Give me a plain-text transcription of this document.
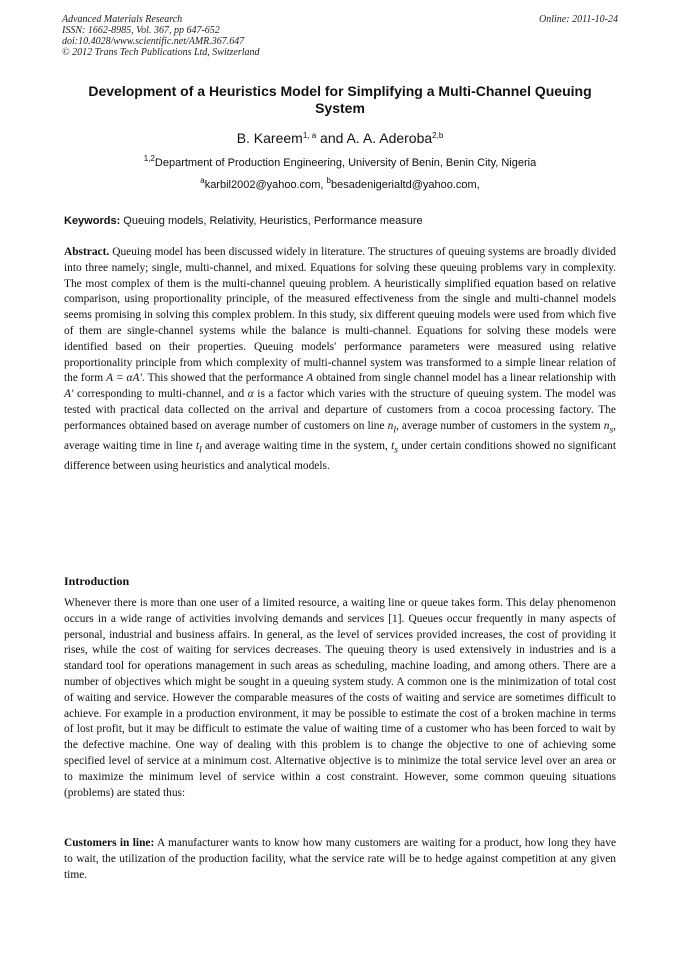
Advanced Materials Research	Online: 2011-10-24
ISSN: 1662-8985, Vol. 367, pp 647-652
doi:10.4028/www.scientific.net/AMR.367.647
© 2012 Trans Tech Publications Ltd, Switzerland
Development of a Heuristics Model for Simplifying a Multi-Channel Queuing System
B. Kareem$^{1, a}$ and A. A. Aderoba$^{2,b}$
$^{1,2}$Department of Production Engineering, University of Benin, Benin City, Nigeria
$^a$karbil2002@yahoo.com, $^b$besadenigerialtd@yahoo.com,
Keywords: Queuing models, Relativity, Heuristics, Performance measure
Abstract. Queuing model has been discussed widely in literature. The structures of queuing systems are broadly divided into three namely; single, multi-channel, and mixed. Equations for solving these queuing problems vary in complexity. The most complex of them is the multi-channel queuing problem. A heuristically simplified equation based on relative comparison, using proportionality principle, of the measured effectiveness from the single and multi-channel models seems promising in solving this complex problem. In this study, six different queuing models were used from which five of them are single-channel systems while the balance is multi-channel. Equations for solving these models were identified based on their properties. Queuing models' performance parameters were measured using relative proportionality principle from which complexity of multi-channel system was transformed to a simple linear relation of the form A = αA′. This showed that the performance A obtained from single channel model has a linear relationship with A′ corresponding to multi-channel, and α is a factor which varies with the structure of queuing system. The model was tested with practical data collected on the arrival and departure of customers from a cocoa processing factory. The performances obtained based on average number of customers on line $n_l$, average number of customers in the system $n_s$, average waiting time in line $t_l$ and average waiting time in the system, $t_s$ under certain conditions showed no significant difference between using heuristics and analytical models.
Introduction
Whenever there is more than one user of a limited resource, a waiting line or queue takes form. This delay phenomenon occurs in a wide range of activities involving demands and services [1]. Queues occur frequently in many aspects of personal, industrial and business affairs. In general, as the level of services provided increases, the cost of providing it rises, while the cost of waiting for services decreases. The queuing theory is used extensively in industries and is a standard tool for operations management in such areas as scheduling, machine loading, and among others. There are a number of objectives which might be sought in a queuing system study. A common one is the minimization of total cost of waiting and service. However the comparable measures of the costs of waiting and service are sometimes difficult to achieve. For example in a production environment, it may be possible to estimate the cost of a broken machine in terms of lost profit, but it may be difficult to estimate the value of waiting time of a customer who has been forced to wait by the defective machine. One way of dealing with this problem is to change the objective to one of achieving some specified level of service at a minimum cost. Alternative objective is to minimize the total service level over an area or to maximize the minimum level of service within a cost constraint. However, some common queuing situations (problems) are stated thus:
Customers in line: A manufacturer wants to know how many customers are waiting for a product, how long they have to wait, the utilization of the production facility, what the service rate will be to hedge against competition at any given time.
